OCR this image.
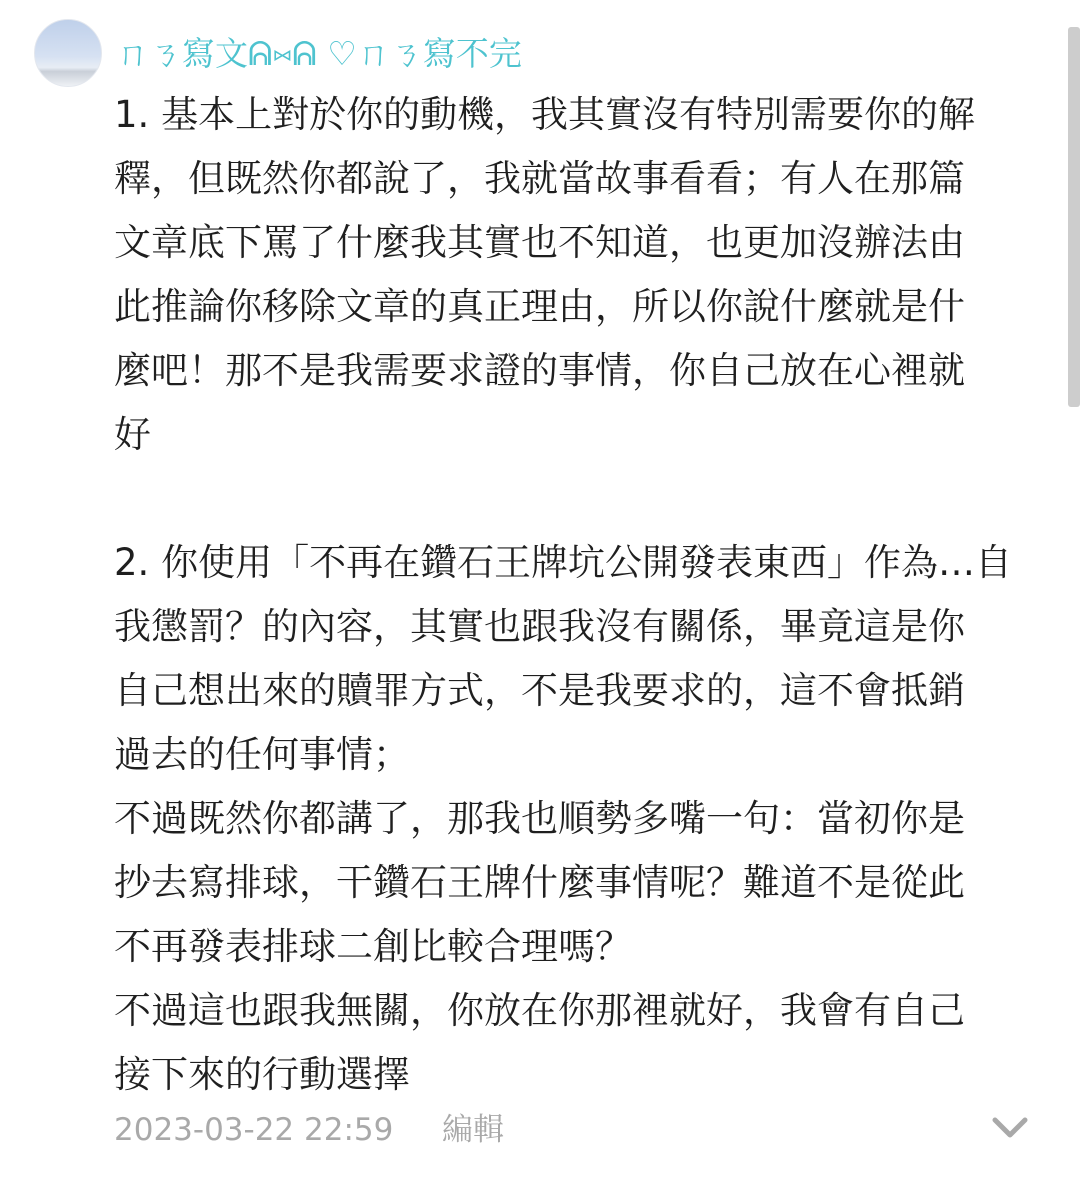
ㄇㄋ寫文ᕱ⑅ᕱ ♡ㄇㄋ寫不完
1. 基本上對於你的動機，我其實沒有特別需要你的解
釋，但既然你都說了，我就當故事看看；有人在那篇
文章底下罵了什麼我其實也不知道，也更加沒辦法由
此推論你移除文章的真正理由，所以你說什麼就是什
麼吧！那不是我需要求證的事情，你自己放在心裡就
好
2. 你使用「不再在鑽石王牌坑公開發表東西」作為…自
我懲罰？的內容，其實也跟我沒有關係，畢竟這是你
自己想出來的贖罪方式，不是我要求的，這不會抵銷
過去的任何事情；
不過既然你都講了，那我也順勢多嘴一句：當初你是
抄去寫排球，干鑽石王牌什麼事情呢？難道不是從此
不再發表排球二創比較合理嗎？
不過這也跟我無關，你放在你那裡就好，我會有自己
接下來的行動選擇
2023-03-22 22:59 編輯
